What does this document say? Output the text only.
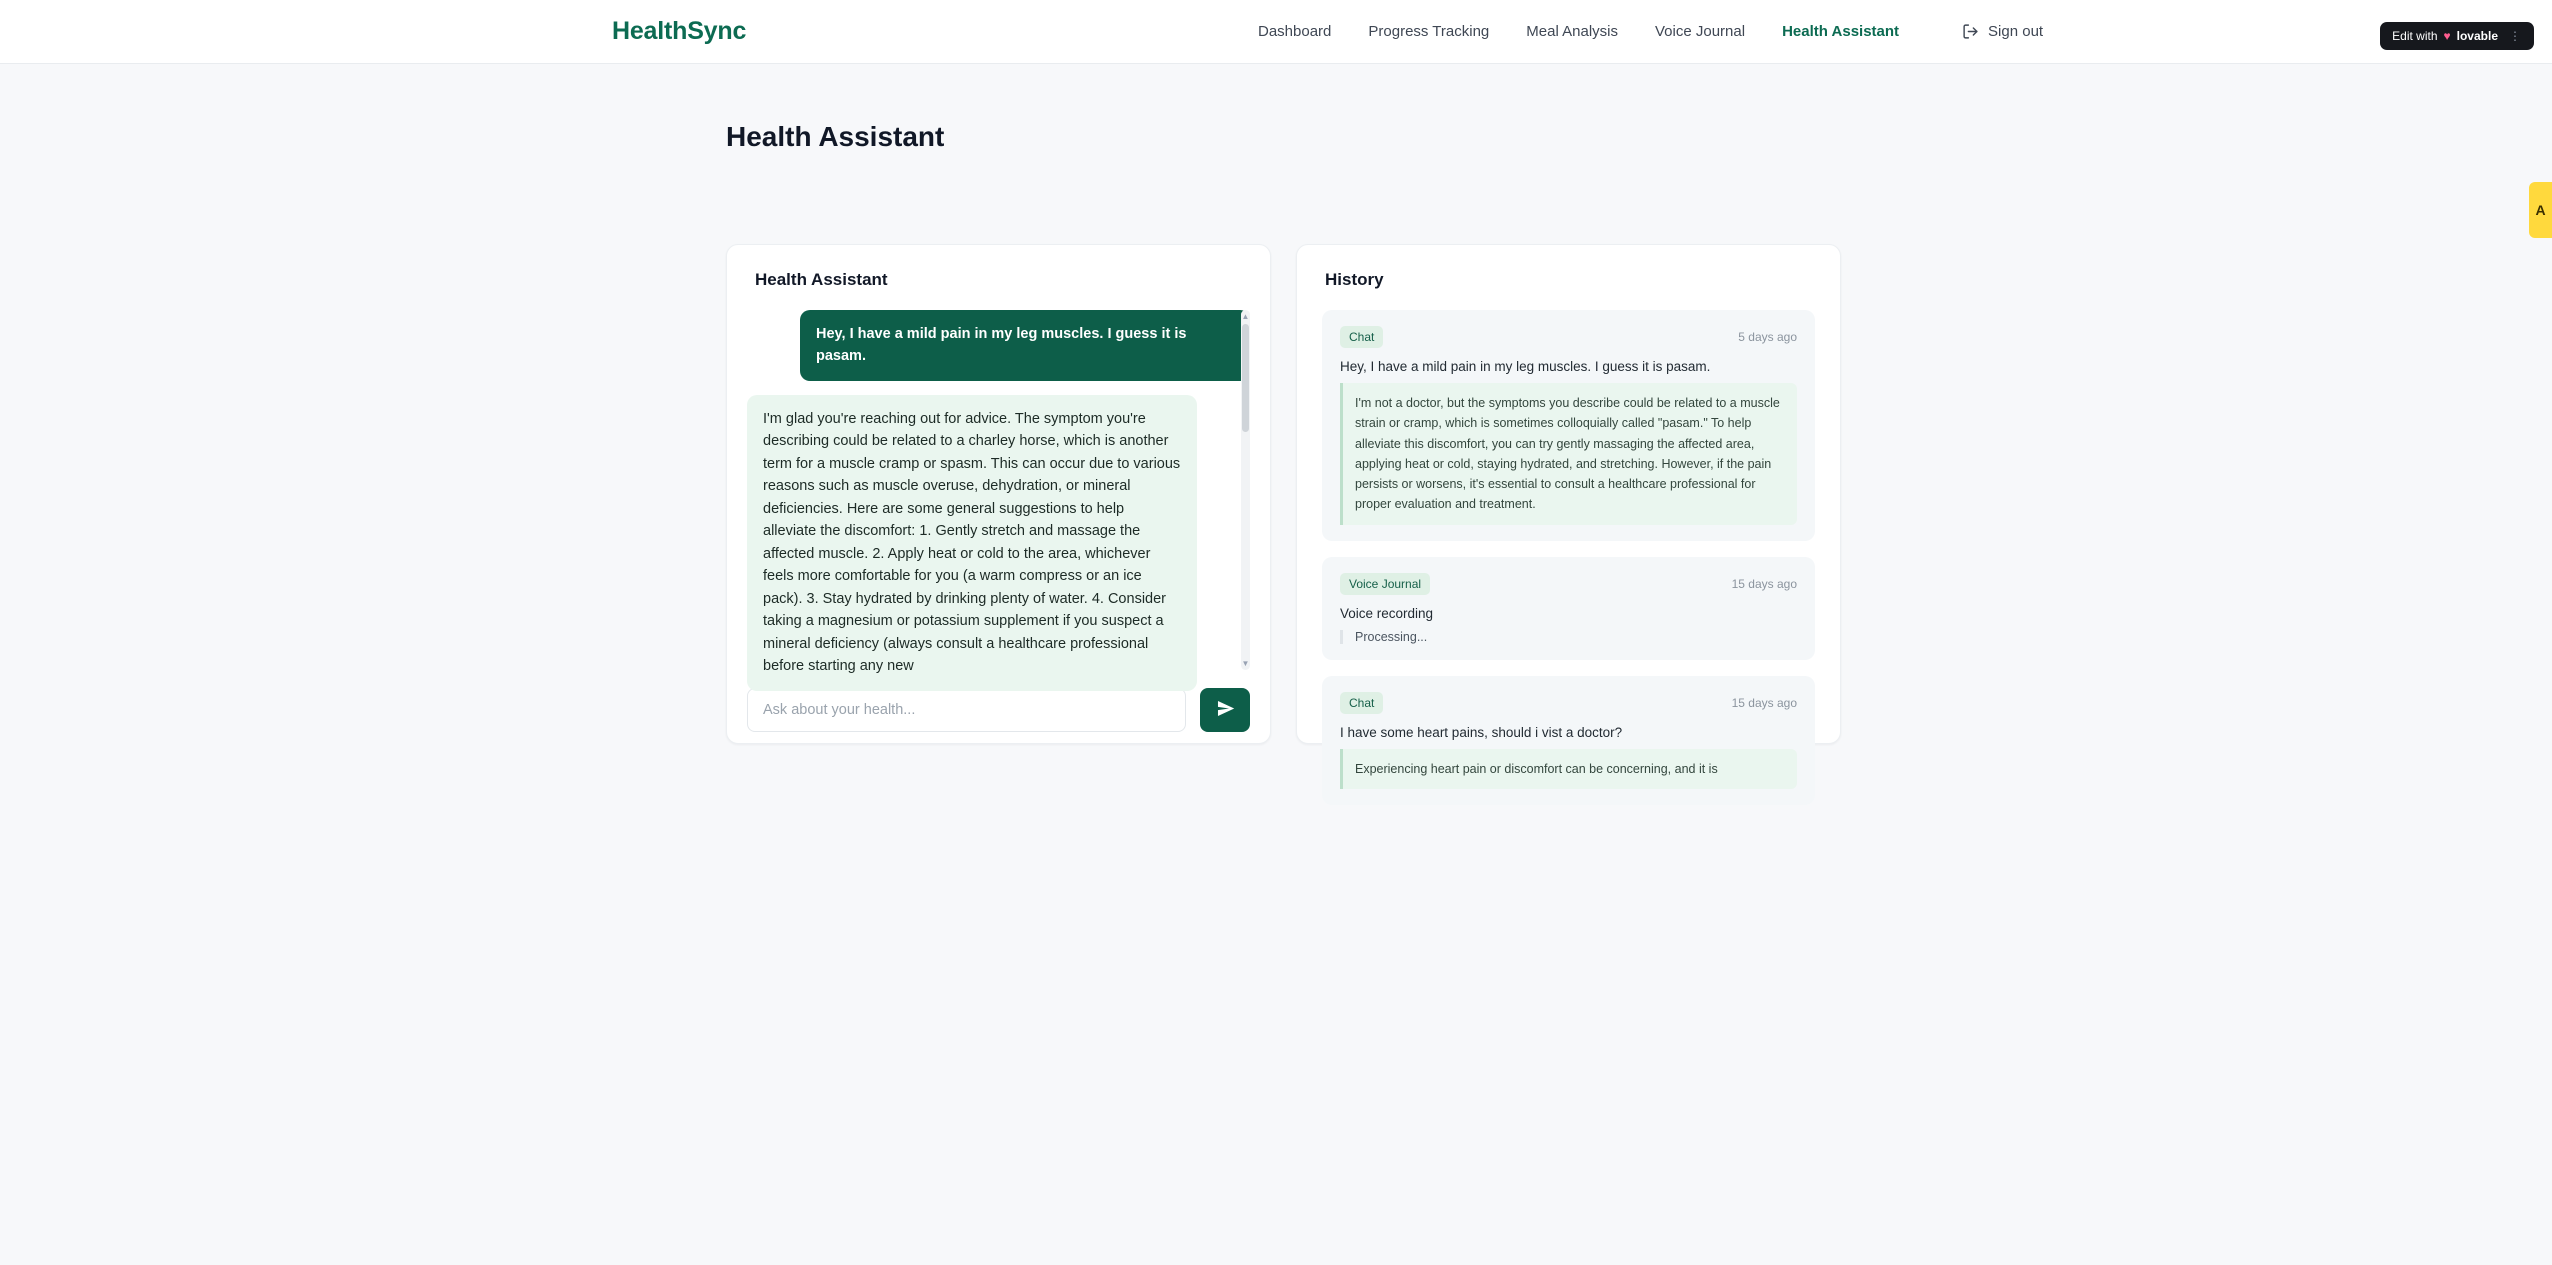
HealthSync	Dashboard Progress Tracking Meal Analysis Voice Journal Health Assistant	Sign out
Health Assistant
Health Assistant
Hey, I have a mild pain in my leg muscles. I guess it is pasam.
I'm glad you're reaching out for advice. The symptom you're describing could be related to a charley horse, which is another term for a muscle cramp or spasm. This can occur due to various reasons such as muscle overuse, dehydration, or mineral deficiencies. Here are some general suggestions to help alleviate the discomfort: 1. Gently stretch and massage the affected muscle. 2. Apply heat or cold to the area, whichever feels more comfortable for you (a warm compress or an ice pack). 3. Stay hydrated by drinking plenty of water. 4. Consider taking a magnesium or potassium supplement if you suspect a mineral deficiency (always consult a healthcare professional before starting any new
▲
▼
Ask about your health...
History
Chat	5 days ago
Hey, I have a mild pain in my leg muscles. I guess it is pasam.
I'm not a doctor, but the symptoms you describe could be related to a muscle strain or cramp, which is sometimes colloquially called "pasam." To help alleviate this discomfort, you can try gently massaging the affected area, applying heat or cold, staying hydrated, and stretching. However, if the pain persists or worsens, it's essential to consult a healthcare professional for proper evaluation and treatment.
Voice Journal	15 days ago
Voice recording
Processing...
Chat	15 days ago
I have some heart pains, should i vist a doctor?
Experiencing heart pain or discomfort can be concerning, and it is
A
Edit with ♥ lovable ⋮
